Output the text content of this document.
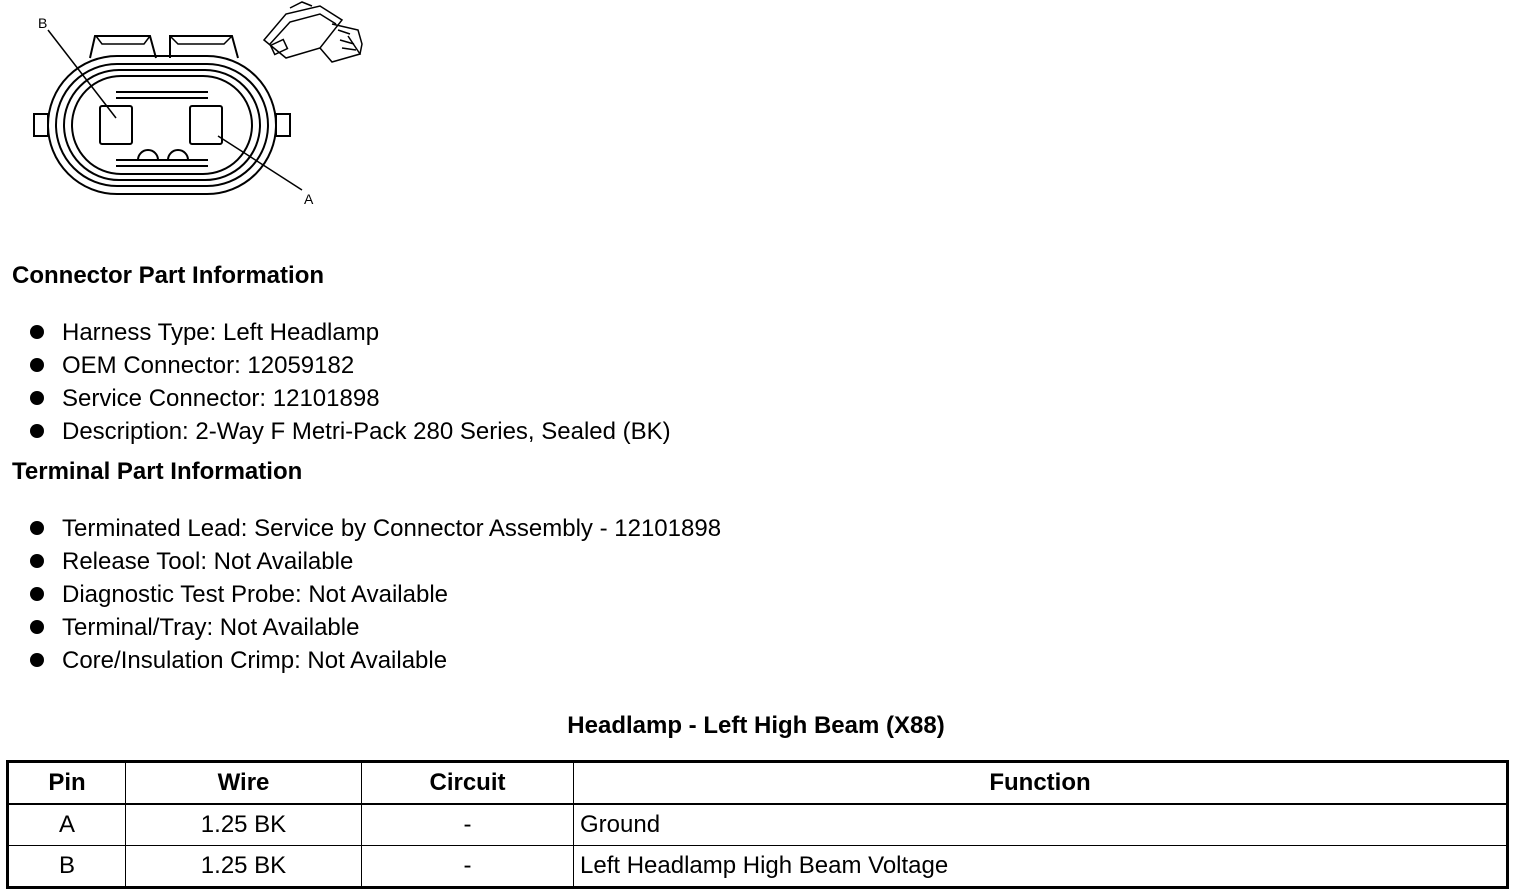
B
A
Connector Part Information
Harness Type: Left Headlamp
OEM Connector: 12059182
Service Connector: 12101898
Description: 2-Way F Metri-Pack 280 Series, Sealed (BK)
Terminal Part Information
Terminated Lead: Service by Connector Assembly - 12101898
Release Tool: Not Available
Diagnostic Test Probe: Not Available
Terminal/Tray: Not Available
Core/Insulation Crimp: Not Available
Headlamp - Left High Beam (X88)
Pin	Wire	Circuit	Function
A	1.25 BK	-	Ground
B	1.25 BK	-	Left Headlamp High Beam Voltage
